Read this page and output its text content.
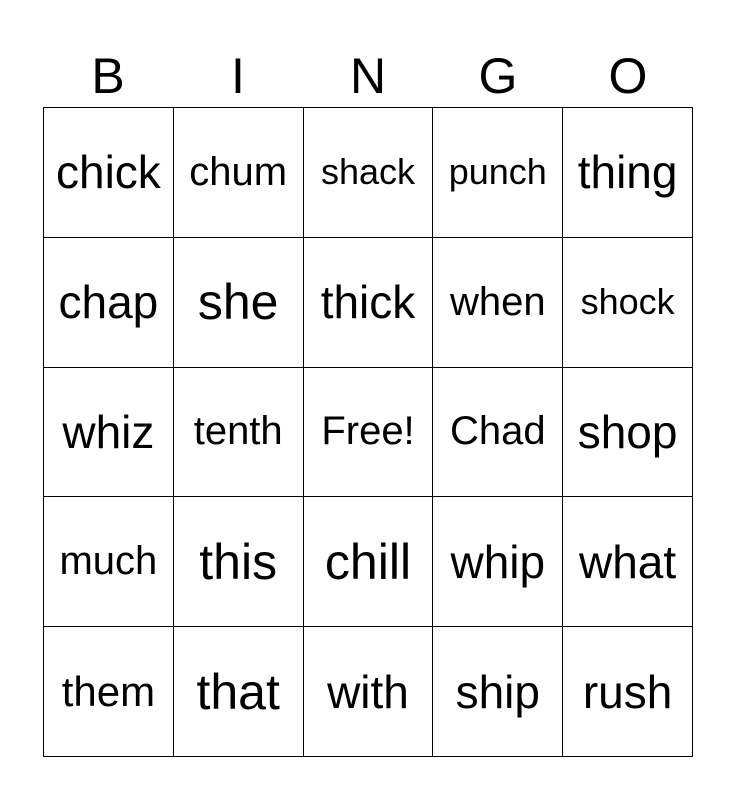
B	I	N	G	O
chick chum shack punch thing
chap she thick when shock
whiz tenth Free! Chad shop
much this chill whip what
them that with ship rush
